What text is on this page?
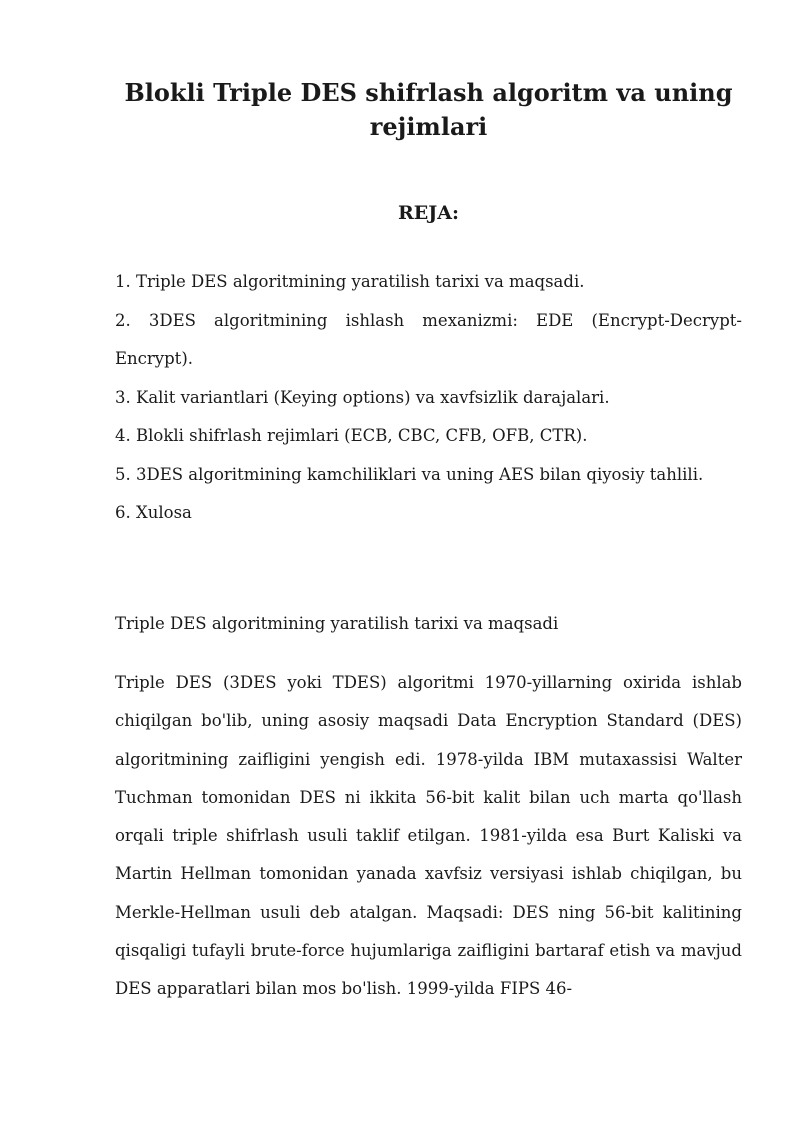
Blokli Triple DES shifrlash algoritm va uning rejimlari
REJA:
1. Triple DES algoritmining yaratilish tarixi va maqsadi.
2. 3DES algoritmining ishlash mexanizmi: EDE (Encrypt-Decrypt-Encrypt).
3. Kalit variantlari (Keying options) va xavfsizlik darajalari.
4. Blokli shifrlash rejimlari (ECB, CBC, CFB, OFB, CTR).
5. 3DES algoritmining kamchiliklari va uning AES bilan qiyosiy tahlili.
6. Xulosa

Triple DES algoritmining yaratilish tarixi va maqsadi

Triple DES (3DES yoki TDES) algoritmi 1970-yillarning oxirida ishlab chiqilgan bo'lib, uning asosiy maqsadi Data Encryption Standard (DES) algoritmining zaifligini yengish edi. 1978-yilda IBM mutaxassisi Walter Tuchman tomonidan DES ni ikkita 56-bit kalit bilan uch marta qo'llash orqali triple shifrlash usuli taklif etilgan. 1981-yilda esa Burt Kaliski va Martin Hellman tomonidan yanada xavfsiz versiyasi ishlab chiqilgan, bu Merkle-Hellman usuli deb atalgan. Maqsadi: DES ning 56-bit kalitining qisqaligi tufayli brute-force hujumlariga zaifligini bartaraf etish va mavjud DES apparatlari bilan mos bo'lish. 1999-yilda FIPS 46-
